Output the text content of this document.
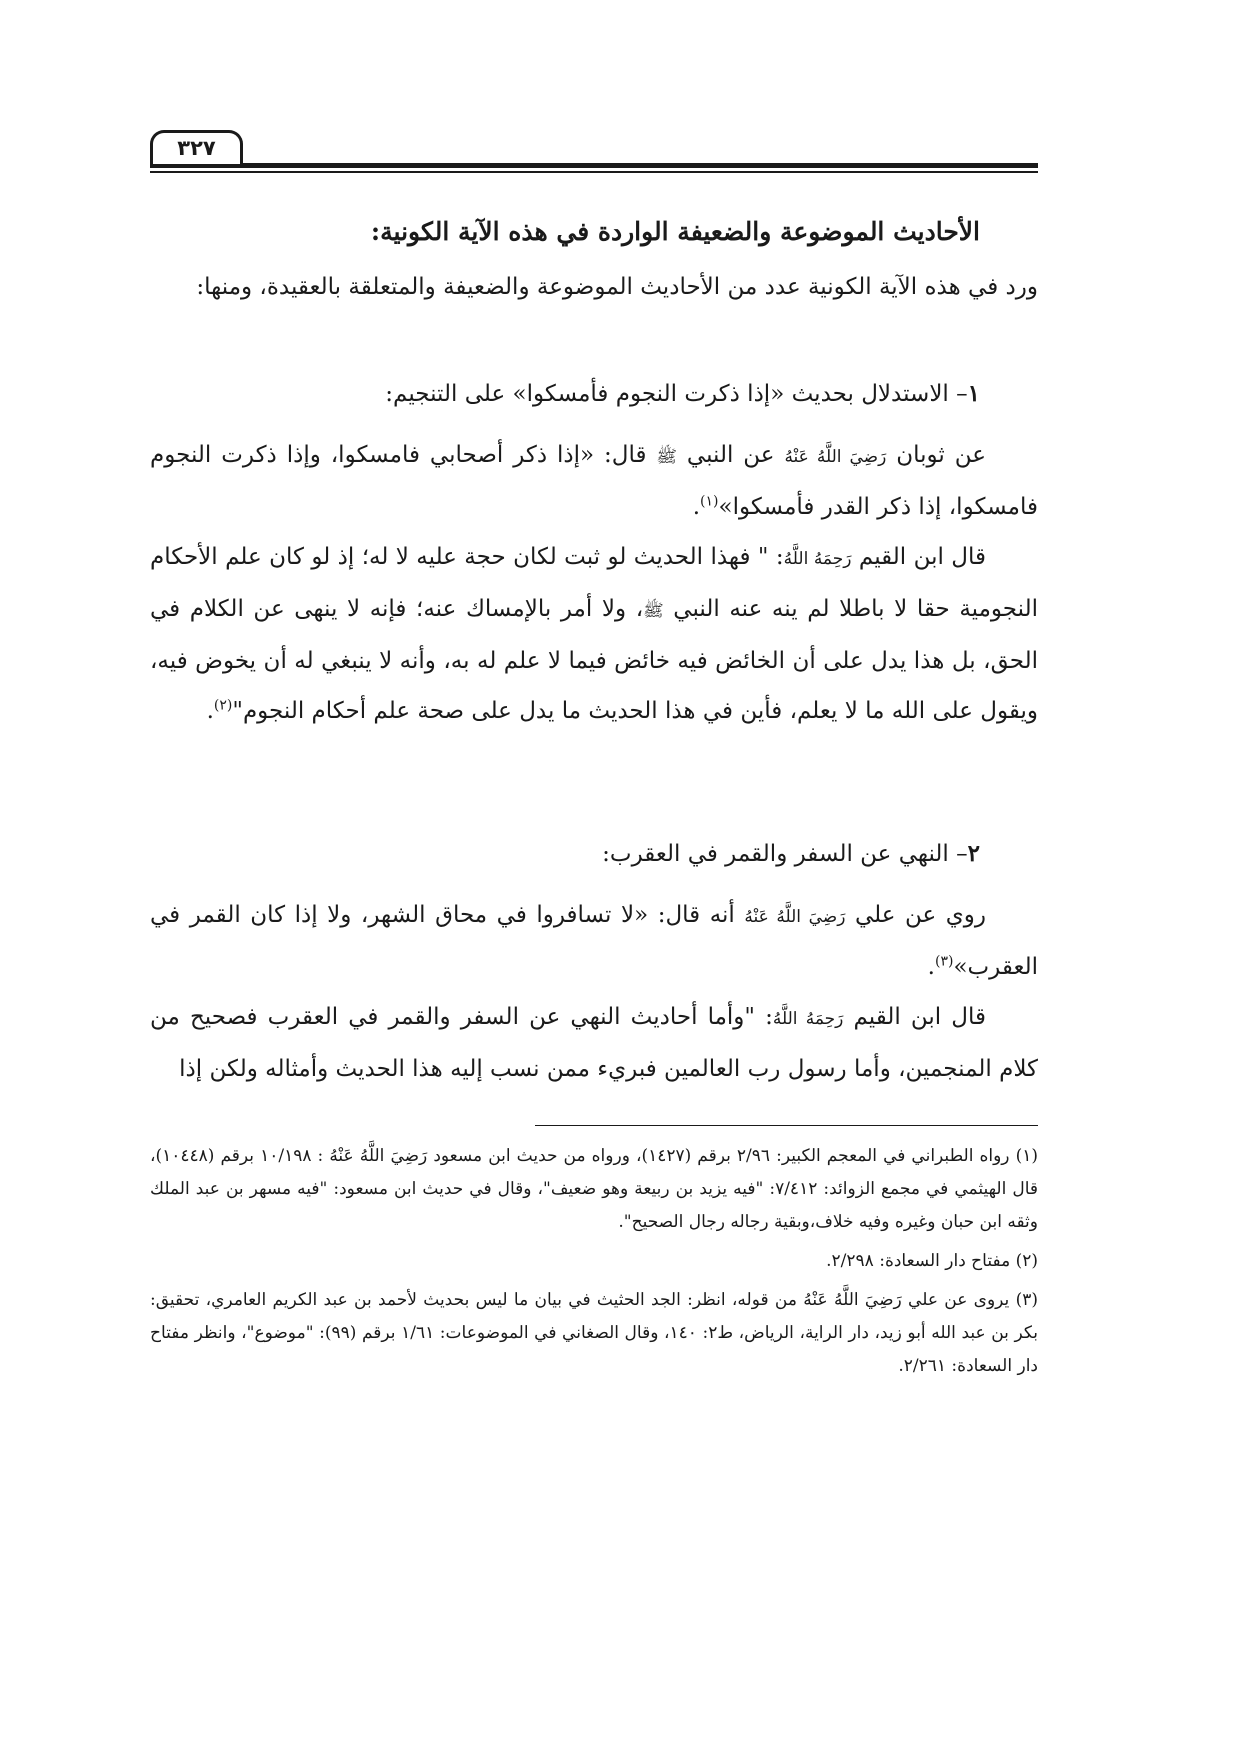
٣٢٧
الأحاديث الموضوعة والضعيفة الواردة في هذه الآية الكونية:
ورد في هذه الآية الكونية عدد من الأحاديث الموضوعة والضعيفة والمتعلقة بالعقيدة، ومنها:
١– الاستدلال بحديث «إذا ذكرت النجوم فأمسكوا» على التنجيم:
عن ثوبان رَضِيَ اللَّهُ عَنْهُ عن النبي ﷺ قال: «إذا ذكر أصحابي فامسكوا، وإذا ذكرت النجوم فامسكوا، إذا ذكر القدر فأمسكوا»$^{(١)}$.
قال ابن القيم رَحِمَهُ اللَّهُ: " فهذا الحديث لو ثبت لكان حجة عليه لا له؛ إذ لو كان علم الأحكام النجومية حقا لا باطلا لم ينه عنه النبي ﷺ، ولا أمر بالإمساك عنه؛ فإنه لا ينهى عن الكلام في الحق، بل هذا يدل على أن الخائض فيه خائض فيما لا علم له به، وأنه لا ينبغي له أن يخوض فيه، ويقول على الله ما لا يعلم، فأين في هذا الحديث ما يدل على صحة علم أحكام النجوم"$^{(٢)}$.
٢– النهي عن السفر والقمر في العقرب:
روي عن علي رَضِيَ اللَّهُ عَنْهُ أنه قال: «لا تسافروا في محاق الشهر، ولا إذا كان القمر في العقرب»$^{(٣)}$.
قال ابن القيم رَحِمَهُ اللَّهُ: "وأما أحاديث النهي عن السفر والقمر في العقرب فصحيح من كلام المنجمين، وأما رسول رب العالمين فبريء ممن نسب إليه هذا الحديث وأمثاله ولكن إذا
(١) رواه الطبراني في المعجم الكبير: ٢/٩٦ برقم (١٤٢٧)، ورواه من حديث ابن مسعود رَضِيَ اللَّهُ عَنْهُ : ١٠/١٩٨ برقم (١٠٤٤٨)، قال الهيثمي في مجمع الزوائد: ٧/٤١٢: "فيه يزيد بن ربيعة وهو ضعيف"، وقال في حديث ابن مسعود: "فيه مسهر بن عبد الملك وثقه ابن حبان وغيره وفيه خلاف،وبقية رجاله رجال الصحيح".
(٢) مفتاح دار السعادة: ٢/٢٩٨.
(٣) يروى عن علي رَضِيَ اللَّهُ عَنْهُ من قوله، انظر: الجد الحثيث في بيان ما ليس بحديث لأحمد بن عبد الكريم العامري، تحقيق: بكر بن عبد الله أبو زيد، دار الراية، الرياض، ط٢: ١٤٠، وقال الصغاني في الموضوعات: ١/٦١ برقم (٩٩): "موضوع"، وانظر مفتاح دار السعادة: ٢/٢٦١.
